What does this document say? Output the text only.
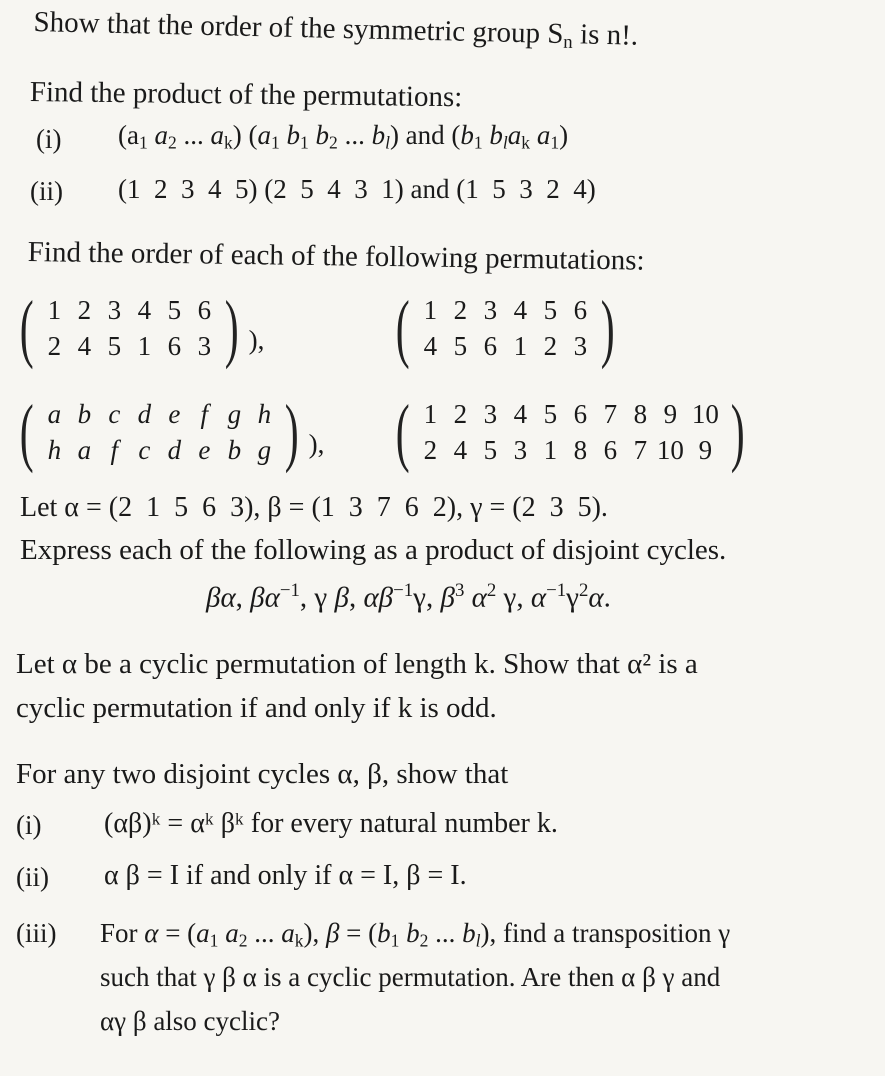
Show that the order of the symmetric group $S_n$ is n!.
Find the product of the permutations:
(i) ($a_1$ $a_2$ ... $a_k$) ($a_1$ $b_1$ $b_2$ ... $b_l$) and ($b_1$ $b_la_k$ $a_1$)
(ii) (1  2  3  4  5) (2  5  4  3  1) and (1  5  3  2  4)
Find the order of each of the following permutations:
( 1 2 3 4 5 6
2 4 5 1 6 3 ) ), ( 1 2 3 4 5 6
4 5 6 1 2 3 )
( a b c d e f g h
h a f c d e b g ) ), ( 1 2 3 4 5 6 7 8 9 10
2 4 5 3 1 8 6 7 10 9 )
Let α = (2  1  5  6  3), β = (1  3  7  6  2), γ = (2  3  5).
Express each of the following as a product of disjoint cycles.
βα, $\beta\alpha^{-1}$, γ β, $\alpha\beta^{-1}\gamma$, $\beta^3$ $\alpha^2$ γ, $\alpha^{-1}\gamma^2\alpha$.
Let α be a cyclic permutation of length k. Show that α² is a
cyclic permutation if and only if k is odd.
For any two disjoint cycles α, β, show that
(i) (αβ)ᵏ = αᵏ βᵏ for every natural number k.
(ii) α β = I if and only if α = I, β = I.
(iii) For $\alpha = (a_1$ $a_2$ ... $a_k$), $\beta = (b_1$ $b_2$ ... $b_l$), find a transposition γ
such that γ β α is a cyclic permutation. Are then α β γ and
αγ β also cyclic?
